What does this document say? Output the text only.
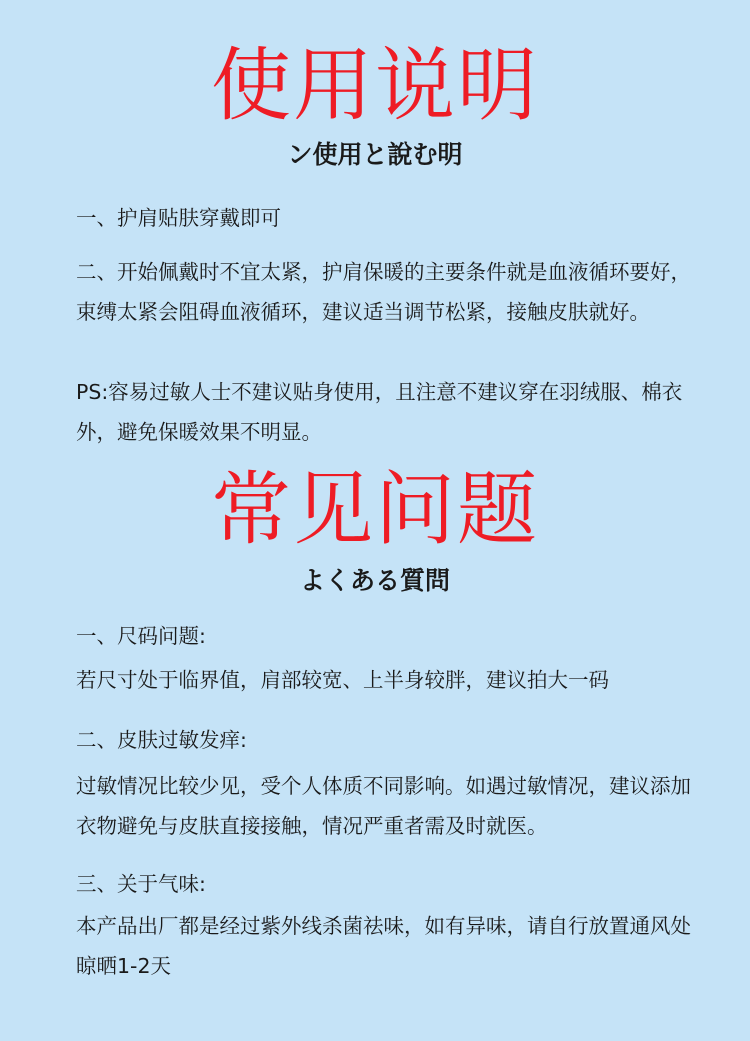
使用说明
ン使用と說む明

一、护肩贴肤穿戴即可

二、开始佩戴时不宜太紧，护肩保暖的主要条件就是血液循环要好，束缚太紧会阻碍血液循环，建议适当调节松紧，接触皮肤就好。

PS:容易过敏人士不建议贴身使用，且注意不建议穿在羽绒服、棉衣外，避免保暖效果不明显。

常见问题
よくある質問

一、尺码问题:

若尺寸处于临界值，肩部较宽、上半身较胖，建议拍大一码

二、皮肤过敏发痒:

过敏情况比较少见，受个人体质不同影响。如遇过敏情况，建议添加衣物避免与皮肤直接接触，情况严重者需及时就医。

三、关于气味:

本产品出厂都是经过紫外线杀菌祛味，如有异味，请自行放置通风处晾晒1-2天
